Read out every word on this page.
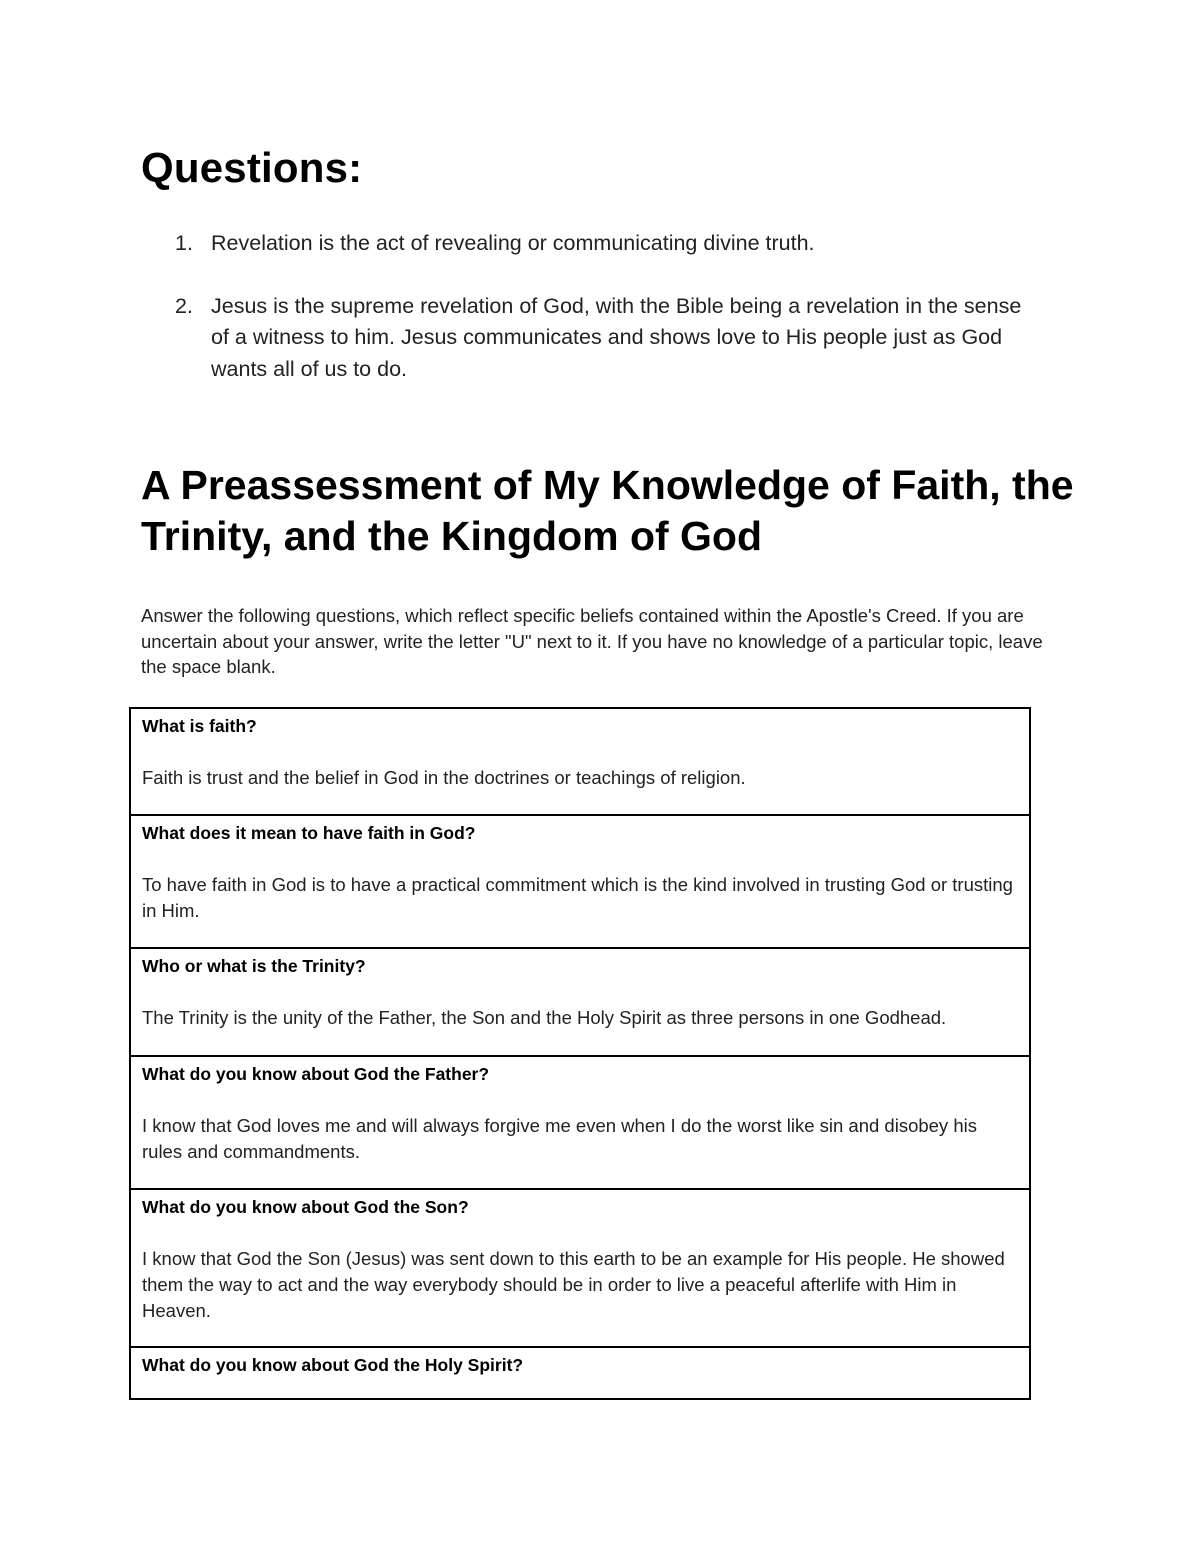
Questions:
1. Revelation is the act of revealing or communicating divine truth.
2. Jesus is the supreme revelation of God, with the Bible being a revelation in the sense of a witness to him. Jesus communicates and shows love to His people just as God wants all of us to do.
A Preassessment of My Knowledge of Faith, the Trinity, and the Kingdom of God

Answer the following questions, which reflect specific beliefs contained within the Apostle's Creed. If you are uncertain about your answer, write the letter "U" next to it. If you have no knowledge of a particular topic, leave the space blank.

What is faith?

Faith is trust and the belief in God in the doctrines or teachings of religion.

What does it mean to have faith in God?

To have faith in God is to have a practical commitment which is the kind involved in trusting God or trusting in Him.

Who or what is the Trinity?

The Trinity is the unity of the Father, the Son and the Holy Spirit as three persons in one Godhead.

What do you know about God the Father?

I know that God loves me and will always forgive me even when I do the worst like sin and disobey his rules and commandments.

What do you know about God the Son?

I know that God the Son (Jesus) was sent down to this earth to be an example for His people. He showed them the way to act and the way everybody should be in order to live a peaceful afterlife with Him in Heaven.

What do you know about God the Holy Spirit?
